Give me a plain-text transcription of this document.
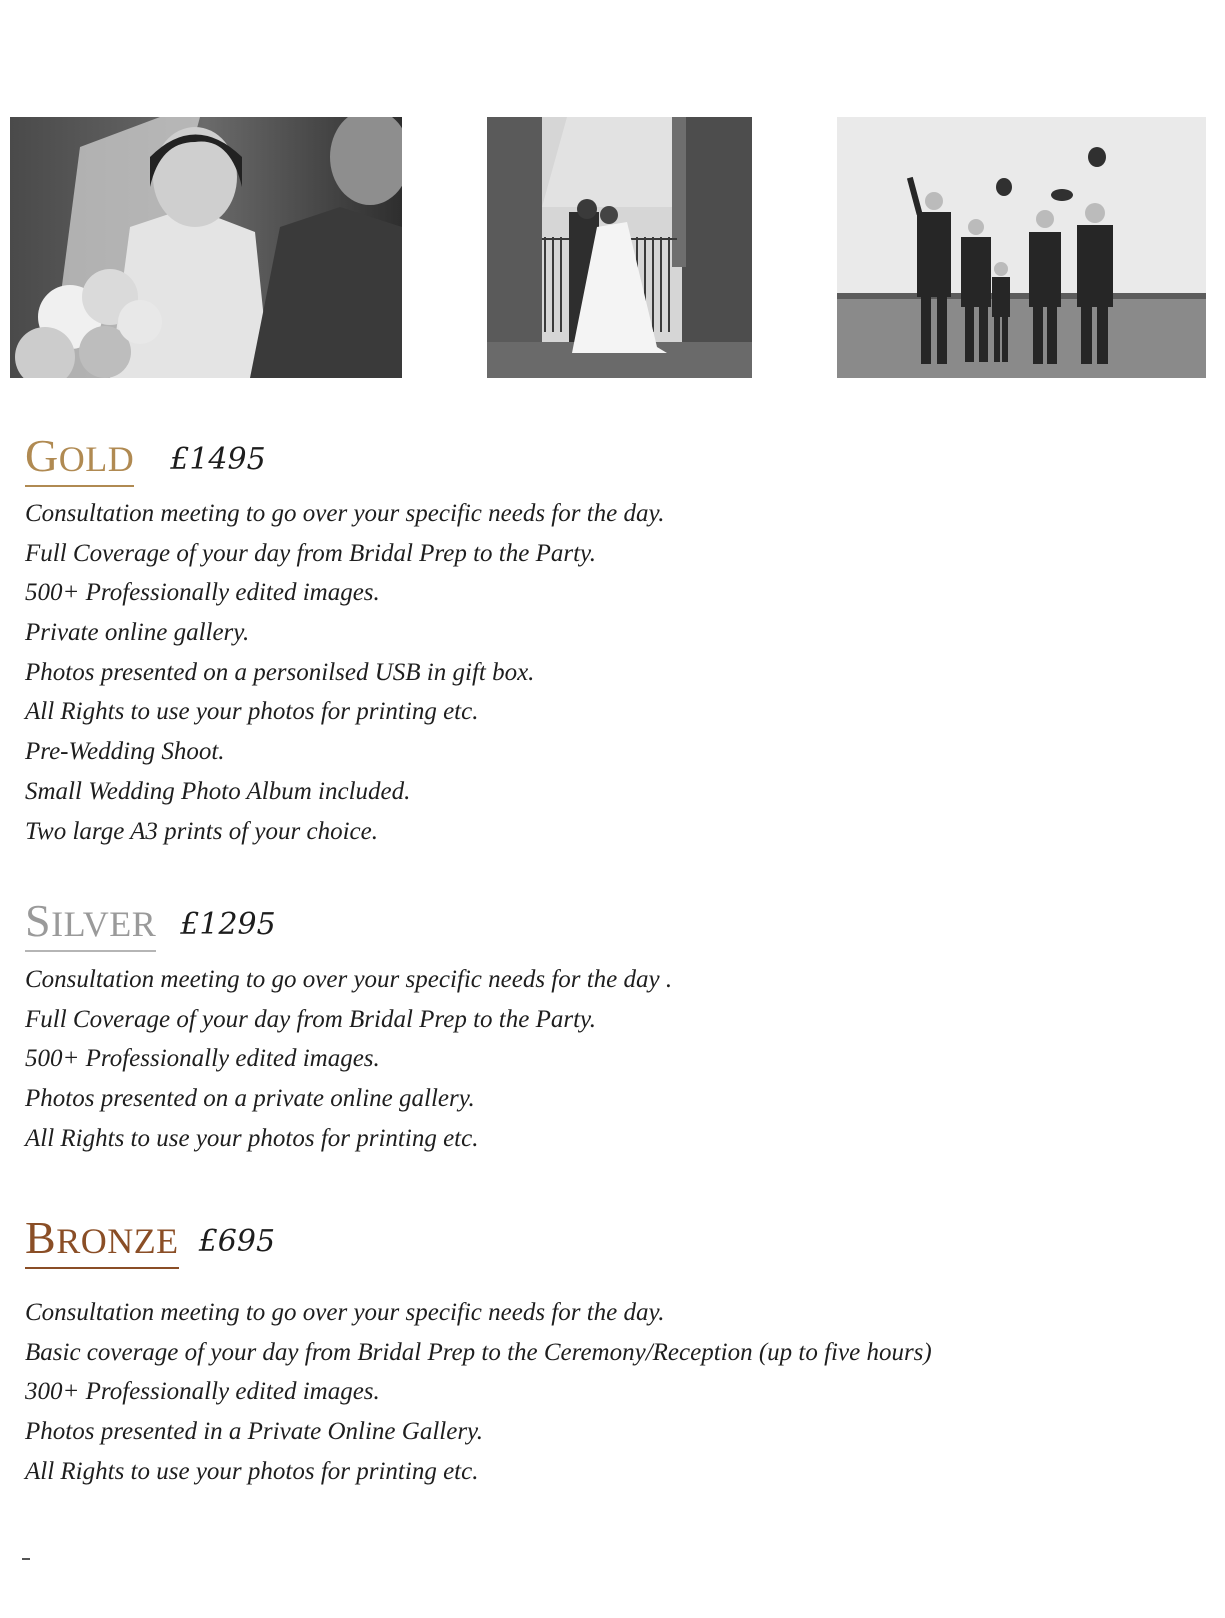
GOLD £1495
Consultation meeting to go over your specific needs for the day.
Full Coverage of your day from Bridal Prep to the Party.
500+ Professionally edited images.
Private online gallery.
Photos presented on a personilsed USB in gift box.
All Rights to use your photos for printing etc.
Pre-Wedding Shoot.
Small Wedding Photo Album included.
Two large A3 prints of your choice.
SILVER £1295
Consultation meeting to go over your specific needs for the day .
Full Coverage of your day from Bridal Prep to the Party.
500+ Professionally edited images.
Photos presented on a private online gallery.
All Rights to use your photos for printing etc.
BRONZE £695
Consultation meeting to go over your specific needs for the day.
Basic coverage of your day from Bridal Prep to the Ceremony/Reception (up to five hours)
300+ Professionally edited images.
Photos presented in a Private Online Gallery.
All Rights to use your photos for printing etc.
